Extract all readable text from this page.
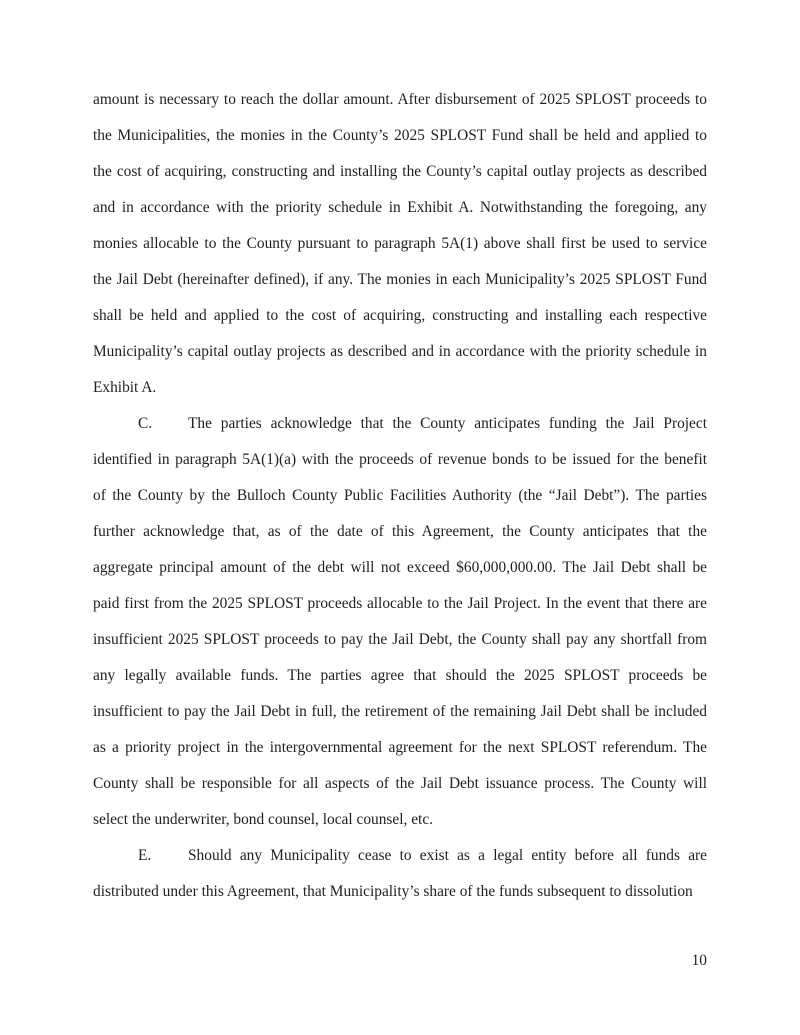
amount is necessary to reach the dollar amount. After disbursement of 2025 SPLOST proceeds to
the Municipalities, the monies in the County’s 2025 SPLOST Fund shall be held and applied to
the cost of acquiring, constructing and installing the County’s capital outlay projects as described
and in accordance with the priority schedule in Exhibit A. Notwithstanding the foregoing, any
monies allocable to the County pursuant to paragraph 5A(1) above shall first be used to service
the Jail Debt (hereinafter defined), if any. The monies in each Municipality’s 2025 SPLOST Fund
shall be held and applied to the cost of acquiring, constructing and installing each respective
Municipality’s capital outlay projects as described and in accordance with the priority schedule in
Exhibit A.
C. The parties acknowledge that the County anticipates funding the Jail Project
identified in paragraph 5A(1)(a) with the proceeds of revenue bonds to be issued for the benefit
of the County by the Bulloch County Public Facilities Authority (the “Jail Debt”). The parties
further acknowledge that, as of the date of this Agreement, the County anticipates that the
aggregate principal amount of the debt will not exceed $60,000,000.00. The Jail Debt shall be
paid first from the 2025 SPLOST proceeds allocable to the Jail Project. In the event that there are
insufficient 2025 SPLOST proceeds to pay the Jail Debt, the County shall pay any shortfall from
any legally available funds. The parties agree that should the 2025 SPLOST proceeds be
insufficient to pay the Jail Debt in full, the retirement of the remaining Jail Debt shall be included
as a priority project in the intergovernmental agreement for the next SPLOST referendum. The
County shall be responsible for all aspects of the Jail Debt issuance process. The County will
select the underwriter, bond counsel, local counsel, etc.
E. Should any Municipality cease to exist as a legal entity before all funds are
distributed under this Agreement, that Municipality’s share of the funds subsequent to dissolution
10
